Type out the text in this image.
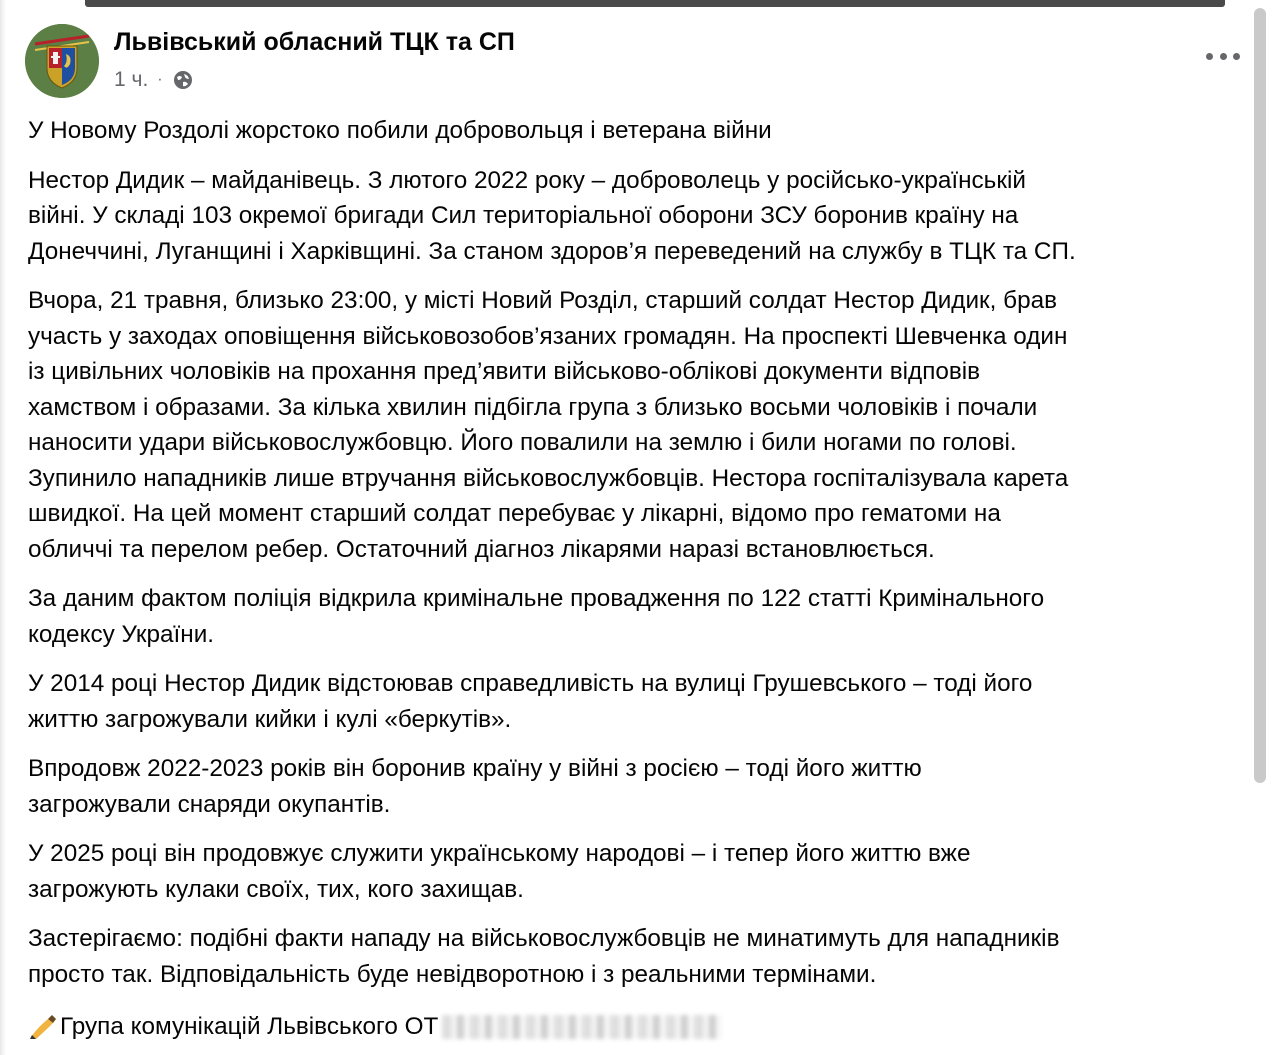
Львівський обласний ТЦК та СП
1 ч. ·

У Новому Роздолі жорстоко побили добровольця і ветерана війни

Нестор Дидик – майданівець. З лютого 2022 року – доброволець у російсько-українській
війні. У складі 103 окремої бригади Сил територіальної оборони ЗСУ боронив країну на
Донеччині, Луганщині і Харківщині. За станом здоров’я переведений на службу в ТЦК та СП.

Вчора, 21 травня, близько 23:00, у місті Новий Розділ, старший солдат Нестор Дидик, брав
участь у заходах оповіщення військовозобов’язаних громадян. На проспекті Шевченка один
із цивільних чоловіків на прохання пред’явити військово-облікові документи відповів
хамством і образами. За кілька хвилин підбігла група з близько восьми чоловіків і почали
наносити удари військовослужбовцю. Його повалили на землю і били ногами по голові.
Зупинило нападників лише втручання військовослужбовців. Нестора госпіталізувала карета
швидкої. На цей момент старший солдат перебуває у лікарні, відомо про гематоми на
обличчі та перелом ребер. Остаточний діагноз лікарями наразі встановлюється.

За даним фактом поліція відкрила кримінальне провадження по 122 статті Кримінального
кодексу України.

У 2014 році Нестор Дидик відстоював справедливість на вулиці Грушевського – тоді його
життю загрожували кийки і кулі «беркутів».

Впродовж 2022-2023 років він боронив країну у війні з росією – тоді його життю
загрожували снаряди окупантів.

У 2025 році він продовжує служити українському народові – і тепер його життю вже
загрожують кулаки своїх, тих, кого захищав.

Застерігаємо: подібні факти нападу на військовослужбовців не минатимуть для нападників
просто так. Відповідальність буде невідворотною і з реальними термінами.

Група комунікацій Львівського ОТ
